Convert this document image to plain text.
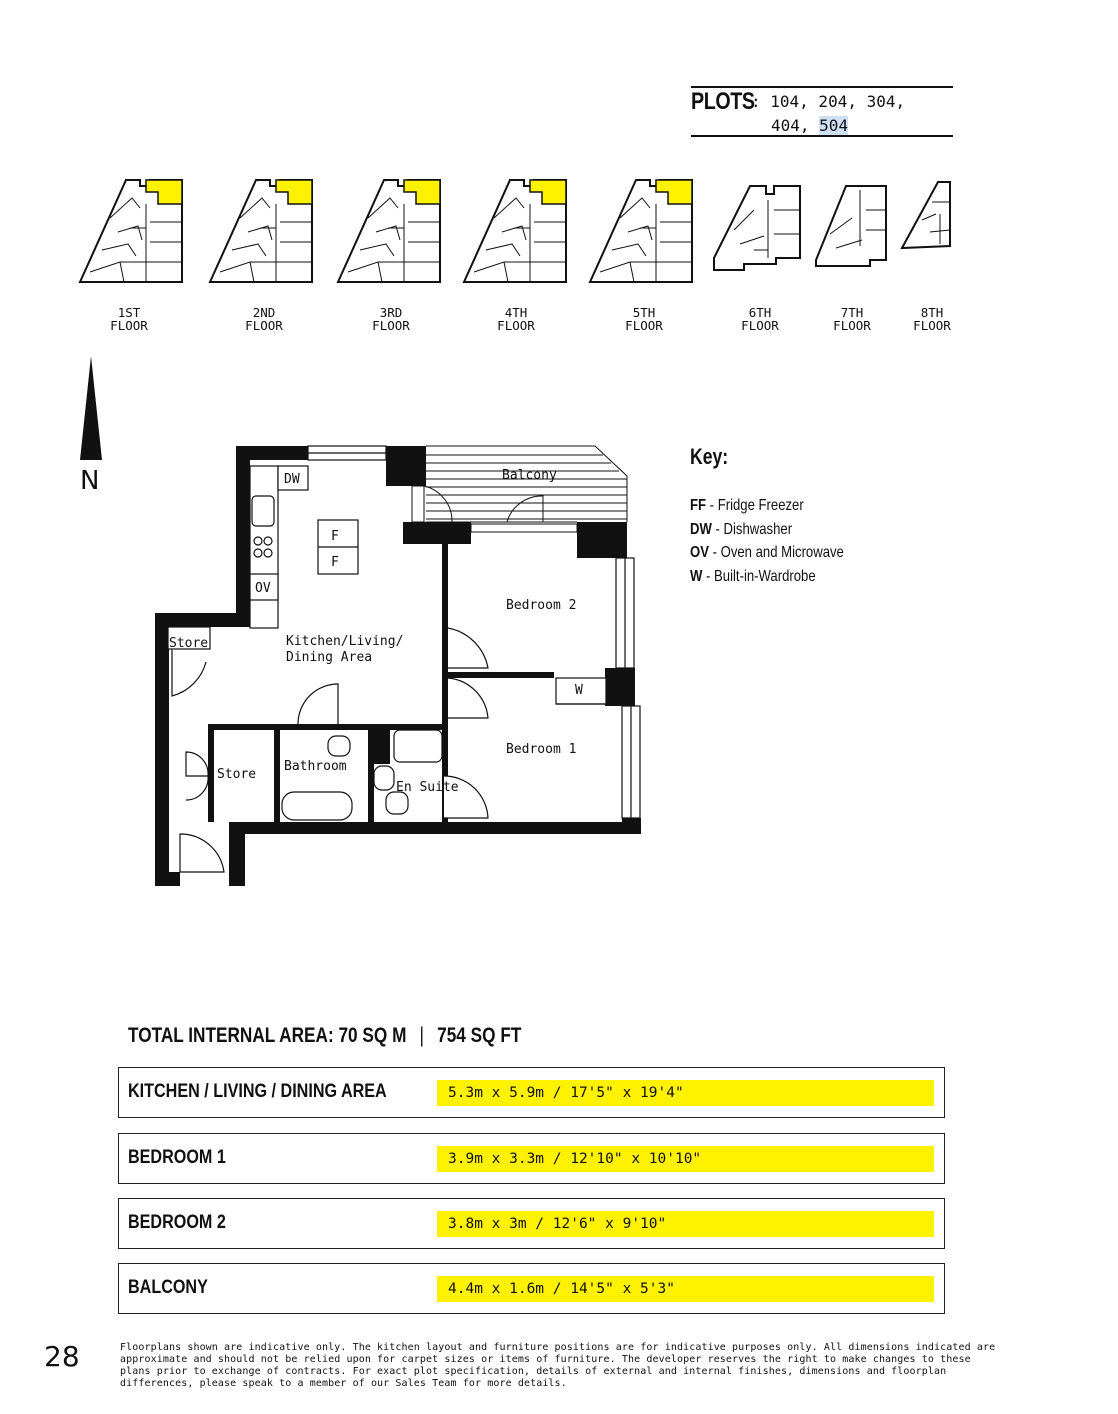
PLOTS
: 104, 204, 304,
404, 504
1ST
FLOOR
2ND
FLOOR
3RD
FLOOR
4TH
FLOOR
5TH
FLOOR
6TH
FLOOR
7TH
FLOOR
8TH
FLOOR
N	Balcony
DW
F
F
OV
Store	Kitchen/Living/
Dining Area
Bedroom 2
W
Bedroom 1
Store
Bathroom
En Suite
Key:
FF - Fridge Freezer
DW - Dishwasher
OV - Oven and Microwave
W - Built-in-Wardrobe
TOTAL INTERNAL AREA: 70 SQ M | 754 SQ FT
KITCHEN / LIVING / DINING AREA	5.3m x 5.9m / 17'5" x 19'4"
BEDROOM 1	3.9m x 3.3m / 12'10" x 10'10"
BEDROOM 2	3.8m x 3m / 12'6" x 9'10"
BALCONY	4.4m x 1.6m / 14'5" x 5'3"
28	Floorplans shown are indicative only. The kitchen layout and furniture positions are for indicative purposes only. All dimensions indicated are approximate and should not be relied upon for carpet sizes or items of furniture. The developer reserves the right to make changes to these plans prior to exchange of contracts. For exact plot specification, details of external and internal finishes, dimensions and floorplan differences, please speak to a member of our Sales Team for more details.
